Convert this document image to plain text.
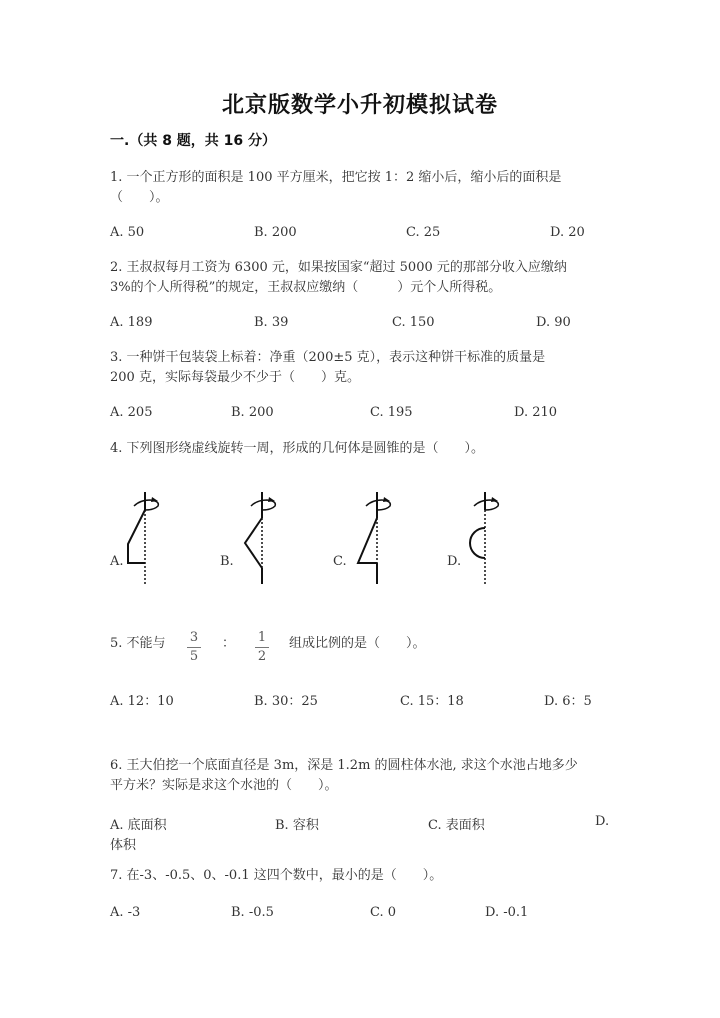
北京版数学小升初模拟试卷
一.（共 8 题，共 16 分）
1. 一个正方形的面积是 100 平方厘米，把它按 1：2 缩小后，缩小后的面积是
（　　）。
A. 50	B. 200	C. 25	D. 20
2. 王叔叔每月工资为 6300 元，如果按国家“超过 5000 元的那部分收入应缴纳
3%的个人所得税”的规定，王叔叔应缴纳（　　　）元个人所得税。
A. 189	B. 39	C. 150	D. 90
3. 一种饼干包装袋上标着：净重（200±5 克），表示这种饼干标准的质量是
200 克，实际每袋最少不少于（　　）克。
A. 205	B. 200	C. 195	D. 210
4. 下列图形绕虚线旋转一周，形成的几何体是圆锥的是（　　）。
A.	B.	C.	D.
5. 不能与 3
5
： 1
2
组成比例的是（　　）。
A. 12：10	B. 30：25	C. 15：18	D. 6：5
6. 王大伯挖一个底面直径是 3m，深是 1.2m 的圆柱体水池, 求这个水池占地多少
平方米？实际是求这个水池的（　　）。
A. 底面积	B. 容积	C. 表面积	D.
体积
7. 在-3、-0.5、0、-0.1 这四个数中，最小的是（　　）。
A. -3	B. -0.5	C. 0	D. -0.1
